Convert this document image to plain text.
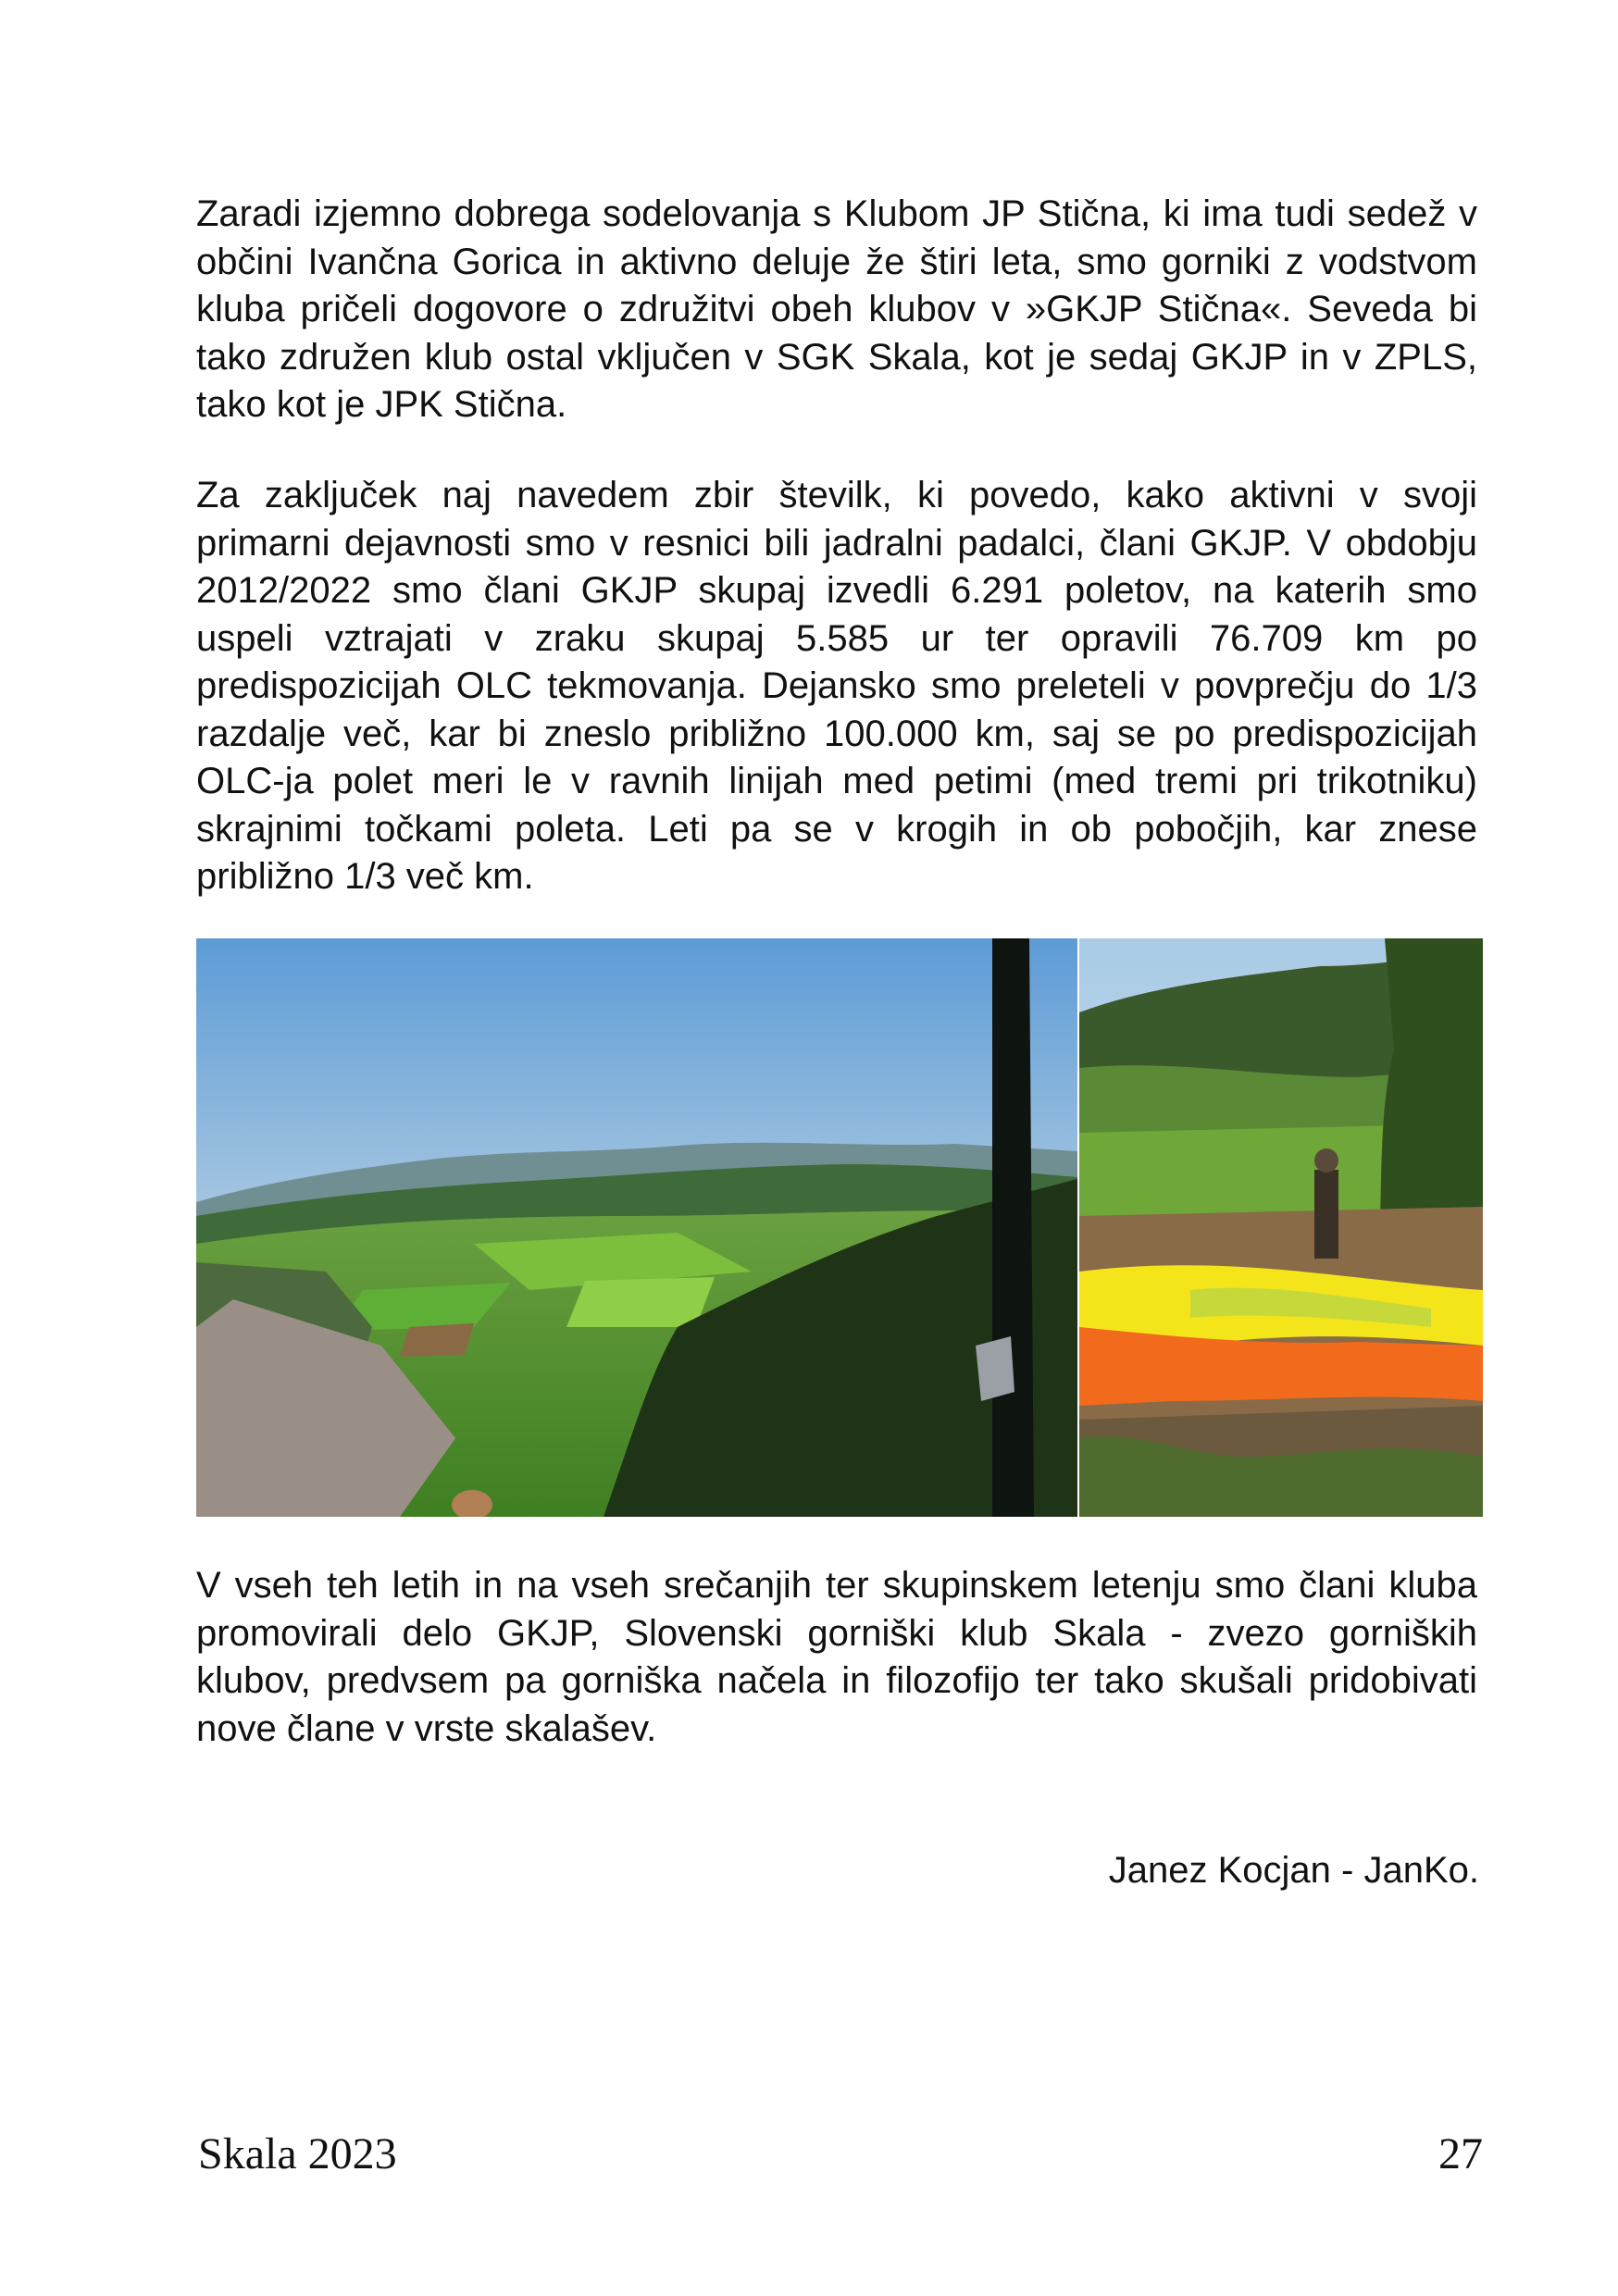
Zaradi izjemno dobrega sodelovanja s Klubom JP Stična, ki ima tudi sedež v
občini Ivančna Gorica in aktivno deluje že štiri leta, smo gorniki z vodstvom
kluba pričeli dogovore o združitvi obeh klubov v »GKJP Stična«. Seveda bi
tako združen klub ostal vključen v SGK Skala, kot je sedaj GKJP in v ZPLS,
tako kot je JPK Stična.
Za zaključek naj navedem zbir številk, ki povedo, kako aktivni v svoji
primarni dejavnosti smo v resnici bili jadralni padalci, člani GKJP. V obdobju
2012/2022 smo člani GKJP skupaj izvedli 6.291 poletov, na katerih smo
uspeli vztrajati v zraku skupaj 5.585 ur ter opravili 76.709 km po
predispozicijah OLC tekmovanja. Dejansko smo preleteli v povprečju do 1/3
razdalje več, kar bi zneslo približno 100.000 km, saj se po predispozicijah
OLC-ja polet meri le v ravnih linijah med petimi (med tremi pri trikotniku)
skrajnimi točkami poleta. Leti pa se v krogih in ob pobočjih, kar znese
približno 1/3 več km.
V vseh teh letih in na vseh srečanjih ter skupinskem letenju smo člani kluba
promovirali delo GKJP, Slovenski gorniški klub Skala - zvezo gorniških
klubov, predvsem pa gorniška načela in filozofijo ter tako skušali pridobivati
nove člane v vrste skalašev.

Janez Kocjan - JanKo.

Skala 2023	27
